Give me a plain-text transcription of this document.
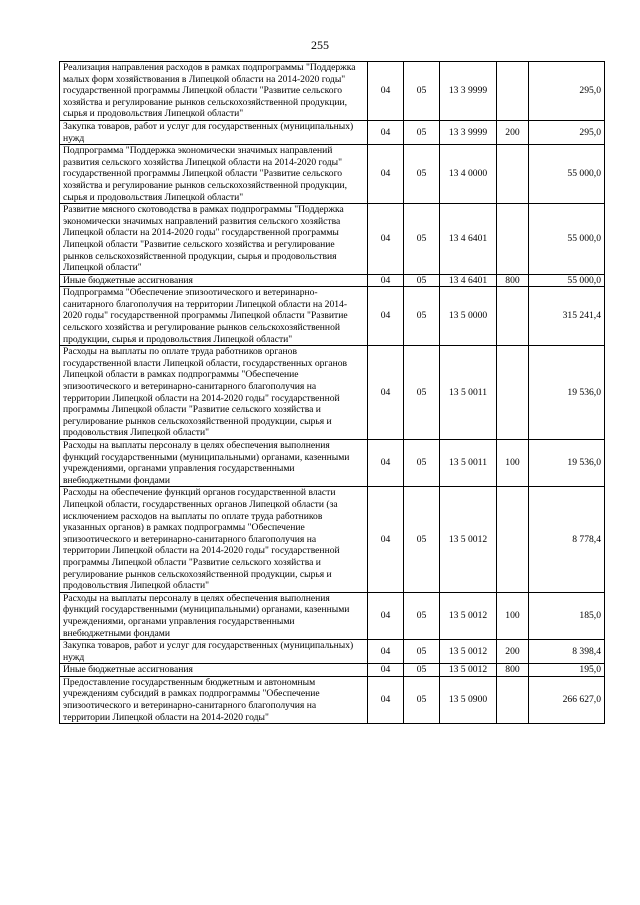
255
Реализация направления расходов в рамках подпрограммы "Поддержка малых форм хозяйствования в Липецкой области на 2014-2020 годы" государственной программы Липецкой области "Развитие сельского хозяйства и регулирование рынков сельскохозяйственной продукции, сырья и продовольствия Липецкой области"	04	05	13 3 9999		295,0
Закупка товаров, работ и услуг для государственных (муниципальных) нужд	04	05	13 3 9999	200	295,0
Подпрограмма "Поддержка экономически значимых направлений развития сельского хозяйства Липецкой области на 2014-2020 годы" государственной программы Липецкой области "Развитие сельского хозяйства и регулирование рынков сельскохозяйственной продукции, сырья и продовольствия Липецкой области"	04	05	13 4 0000		55 000,0
Развитие мясного скотоводства в рамках подпрограммы "Поддержка экономически значимых направлений развития сельского хозяйства Липецкой области на 2014-2020 годы" государственной программы Липецкой области "Развитие сельского хозяйства и регулирование рынков сельскохозяйственной продукции, сырья и продовольствия Липецкой области"	04	05	13 4 6401		55 000,0
Иные бюджетные ассигнования	04	05	13 4 6401	800	55 000,0
Подпрограмма "Обеспечение эпизоотического и ветеринарно-санитарного благополучия на территории Липецкой области на 2014-2020 годы" государственной программы Липецкой области "Развитие сельского хозяйства и регулирование рынков сельскохозяйственной продукции, сырья и продовольствия Липецкой области"	04	05	13 5 0000		315 241,4
Расходы на выплаты по оплате труда работников органов государственной власти Липецкой области, государственных органов Липецкой области в рамках подпрограммы "Обеспечение эпизоотического и ветеринарно-санитарного благополучия на территории Липецкой области на 2014-2020 годы" государственной программы Липецкой области "Развитие сельского хозяйства и регулирование рынков сельскохозяйственной продукции, сырья и продовольствия Липецкой области"	04	05	13 5 0011		19 536,0
Расходы на выплаты персоналу в целях обеспечения выполнения функций государственными (муниципальными) органами, казенными учреждениями, органами управления государственными внебюджетными фондами	04	05	13 5 0011	100	19 536,0
Расходы на обеспечение функций органов государственной власти Липецкой области, государственных органов Липецкой области (за исключением расходов на выплаты по оплате труда работников указанных органов) в рамках подпрограммы "Обеспечение эпизоотического и ветеринарно-санитарного благополучия на территории Липецкой области на 2014-2020 годы" государственной программы Липецкой области "Развитие сельского хозяйства и регулирование рынков сельскохозяйственной продукции, сырья и продовольствия Липецкой области"	04	05	13 5 0012		8 778,4
Расходы на выплаты персоналу в целях обеспечения выполнения функций государственными (муниципальными) органами, казенными учреждениями, органами управления государственными внебюджетными фондами	04	05	13 5 0012	100	185,0
Закупка товаров, работ и услуг для государственных (муниципальных) нужд	04	05	13 5 0012	200	8 398,4
Иные бюджетные ассигнования	04	05	13 5 0012	800	195,0
Предоставление государственным бюджетным и автономным учреждениям субсидий в рамках подпрограммы "Обеспечение эпизоотического и ветеринарно-санитарного благополучия на территории Липецкой области на 2014-2020 годы"	04	05	13 5 0900		266 627,0
